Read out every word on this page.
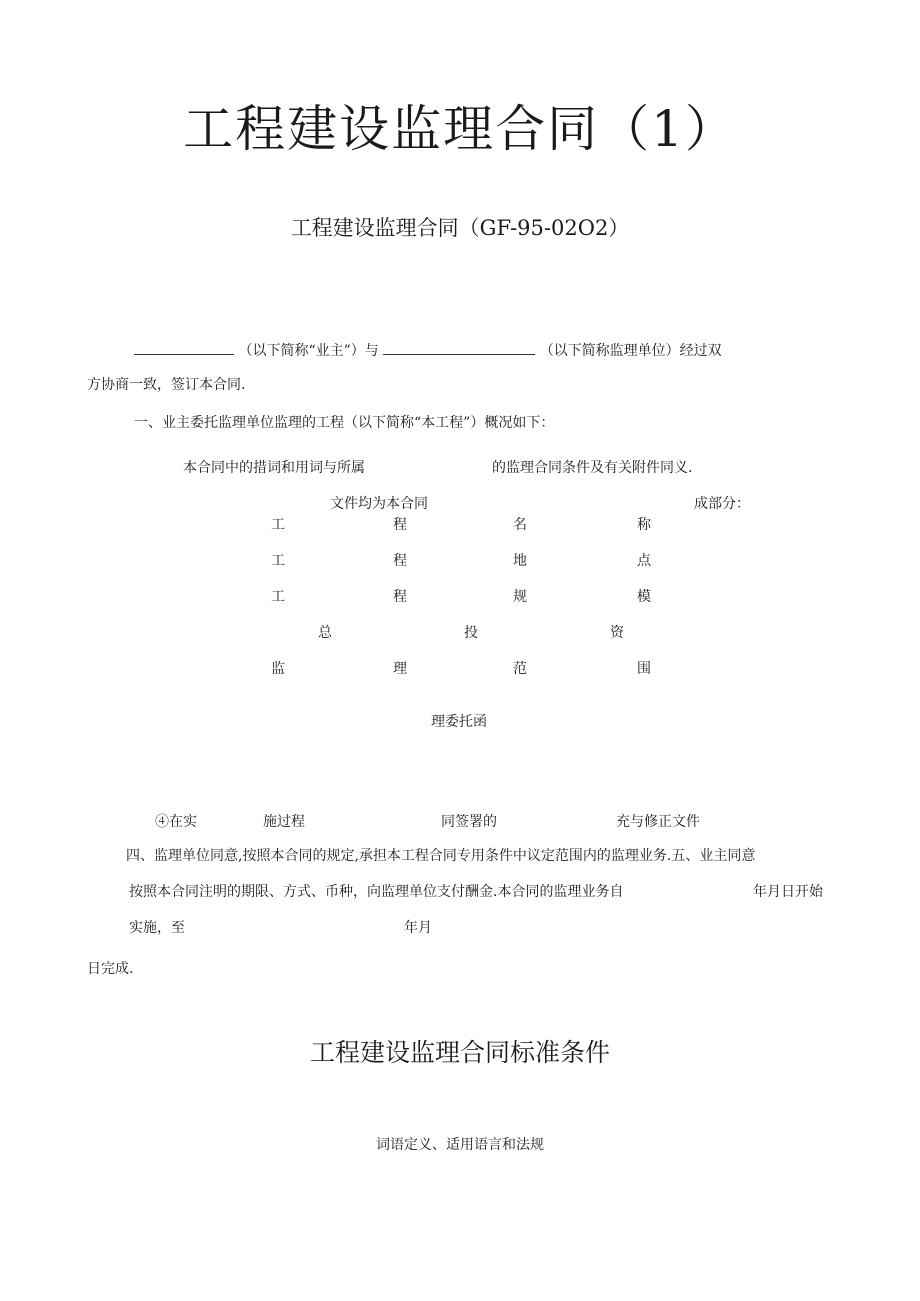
工程建设监理合同（1）
工程建设监理合同（GF-95-02O2）
（以下简称“业主”）与	（以下简称监理单位）经过双
方协商一致，签订本合同.
一、业主委托监理单位监理的工程（以下简称“本工程”）概况如下：
本合同中的措词和用词与所属	的监理合同条件及有关附件同义.
文件均为本合同	成部分：
工	程	名	称
工	程	地	点
工	程	规	模
总	投	资
监	理	范	围
理委托函
④在实	施过程	同签署的	充与修正文件
四、监理单位同意,按照本合同的规定,承担本工程合同专用条件中议定范围内的监理业务.五、业主同意
按照本合同注明的期限、方式、币种，向监理单位支付酬金.本合同的监理业务自	年月日开始
实施，至	年月
日完成.
工程建设监理合同标准条件
词语定义、适用语言和法规
